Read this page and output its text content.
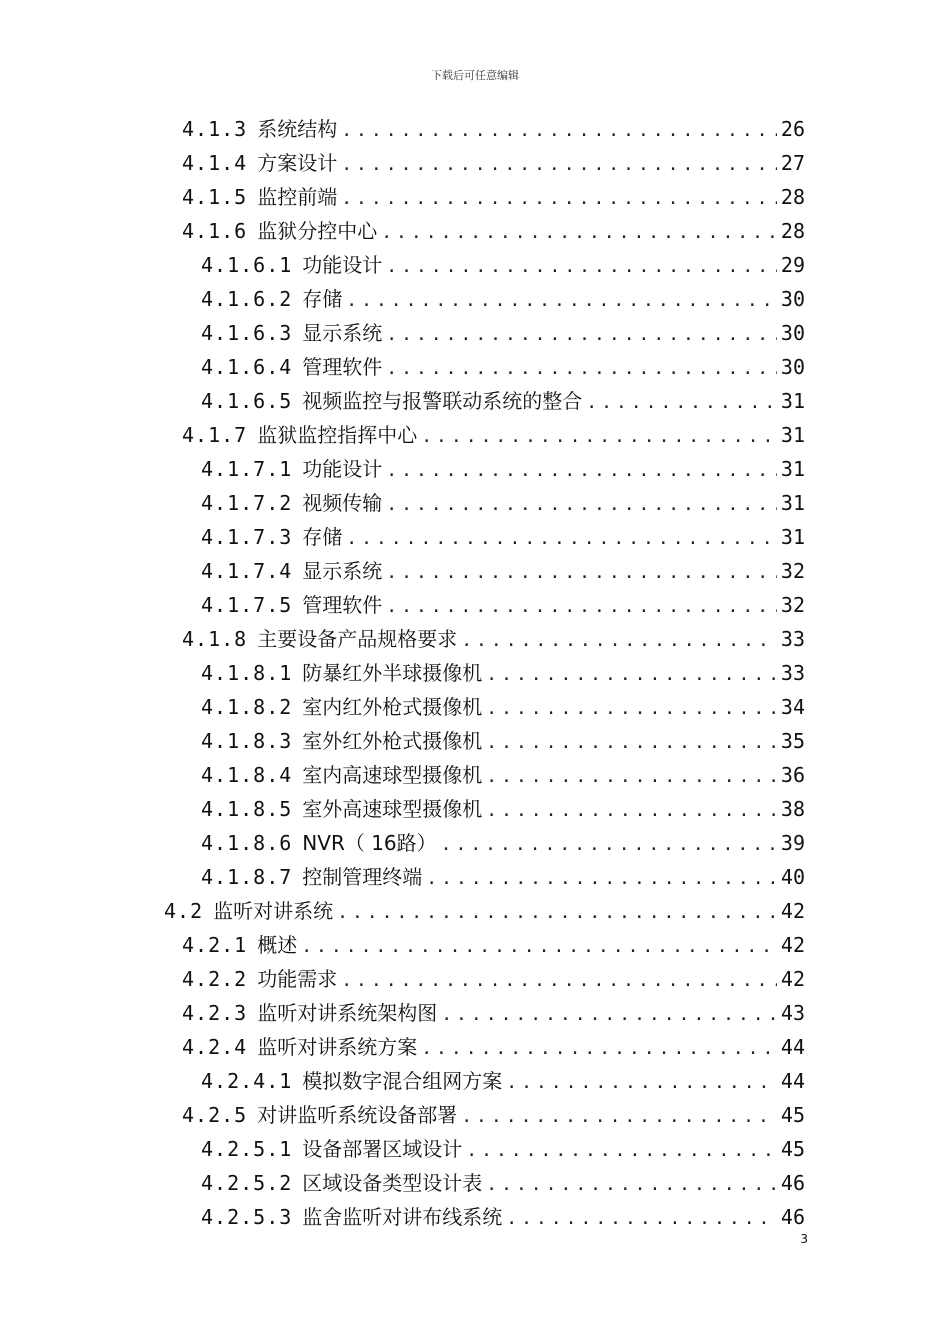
下载后可任意编辑
4.1.3 系统结构 .....	26
4.1.4 方案设计 .....	27
4.1.5 监控前端 .....	28
4.1.6 监狱分控中心 .....	28
4.1.6.1 功能设计 .....	29
4.1.6.2 存储 .....	30
4.1.6.3 显示系统 .....	30
4.1.6.4 管理软件 .....	30
4.1.6.5 视频监控与报警联动系统的整合 .....	31
4.1.7 监狱监控指挥中心 .....	31
4.1.7.1 功能设计 .....	31
4.1.7.2 视频传输 .....	31
4.1.7.3 存储 .....	31
4.1.7.4 显示系统 .....	32
4.1.7.5 管理软件 .....	32
4.1.8 主要设备产品规格要求 .....	33
4.1.8.1 防暴红外半球摄像机 .....	33
4.1.8.2 室内红外枪式摄像机 .....	34
4.1.8.3 室外红外枪式摄像机 .....	35
4.1.8.4 室内高速球型摄像机 .....	36
4.1.8.5 室外高速球型摄像机 .....	38
4.1.8.6 NVR（ 16路） .....	39
4.1.8.7 控制管理终端 .....	40
4.2 监听对讲系统 .....	42
4.2.1 概述 .....	42
4.2.2 功能需求 .....	42
4.2.3 监听对讲系统架构图 .....	43
4.2.4 监听对讲系统方案 .....	44
4.2.4.1 模拟数字混合组网方案 .....	44
4.2.5 对讲监听系统设备部署 .....	45
4.2.5.1 设备部署区域设计 .....	45
4.2.5.2 区域设备类型设计表 .....	46
4.2.5.3 监舍监听对讲布线系统 .....	46
3
